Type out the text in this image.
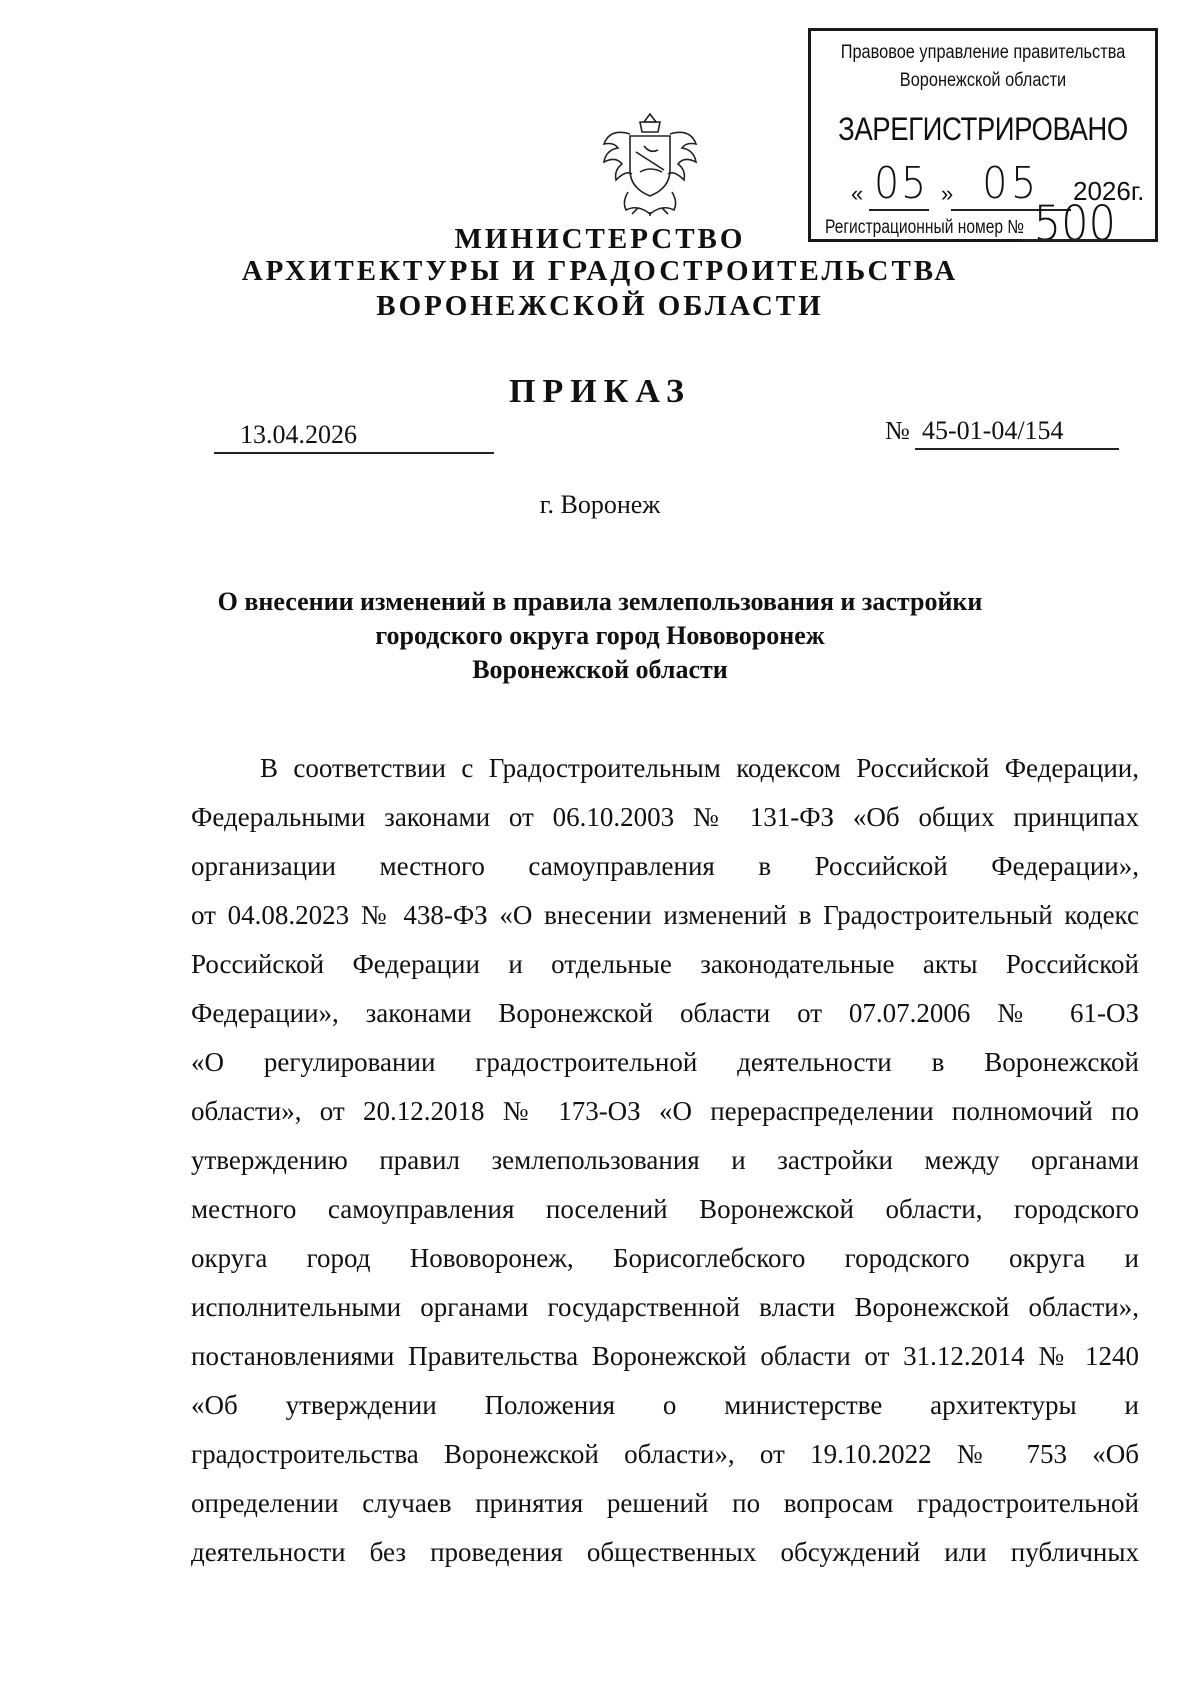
Правовое управление правительства
Воронежской области
ЗАРЕГИСТРИРОВАНО
« 05 » 05 2026г.
Регистрационный номер № 500
МИНИСТЕРСТВО
АРХИТЕКТУРЫ И ГРАДОСТРОИТЕЛЬСТВА
ВОРОНЕЖСКОЙ ОБЛАСТИ
ПРИКАЗ
13.04.2026	№ 45-01-04/154
г. Воронеж
О внесении изменений в правила землепользования и застройки
городского округа город Нововоронеж
Воронежской области
В соответствии с Градостроительным кодексом Российской Федерации,
Федеральными законами от 06.10.2003 № 131-ФЗ «Об общих принципах
организации местного самоуправления в Российской Федерации»,
от 04.08.2023 № 438-ФЗ «О внесении изменений в Градостроительный кодекс
Российской Федерации и отдельные законодательные акты Российской
Федерации», законами Воронежской области от 07.07.2006 № 61-ОЗ
«О регулировании градостроительной деятельности в Воронежской
области», от 20.12.2018 № 173-ОЗ «О перераспределении полномочий по
утверждению правил землепользования и застройки между органами
местного самоуправления поселений Воронежской области, городского
округа город Нововоронеж, Борисоглебского городского округа и
исполнительными органами государственной власти Воронежской области»,
постановлениями Правительства Воронежской области от 31.12.2014 № 1240
«Об утверждении Положения о министерстве архитектуры и
градостроительства Воронежской области», от 19.10.2022 № 753 «Об
определении случаев принятия решений по вопросам градостроительной
деятельности без проведения общественных обсуждений или публичных
